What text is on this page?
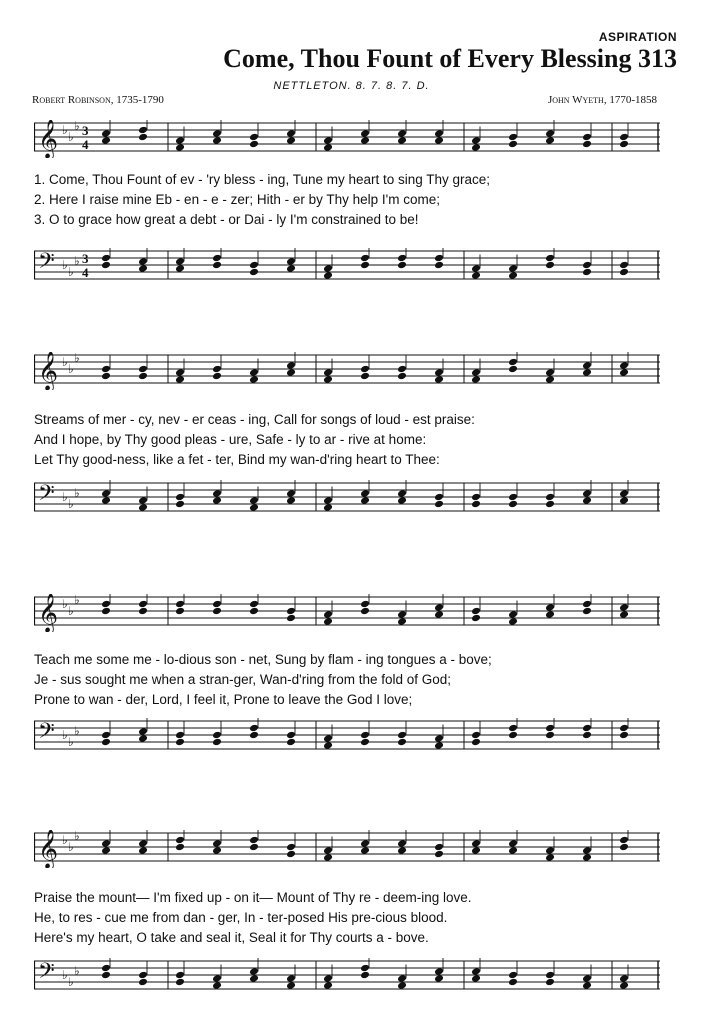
ASPIRATION
Come, Thou Fount of Every Blessing 313
NETTLETON. 8. 7. 8. 7. D.
Robert Robinson, 1735-1790	John Wyeth, 1770-1858
𝄞 ♭ ♭
♭ 3
4
1. Come, Thou Fount of ev - 'ry bless - ing, Tune my heart to sing Thy grace;
2. Here I raise mine Eb - en - e - zer; Hith - er by Thy help I'm come;
3. O to grace how great a debt - or Dai - ly I'm constrained to be!
𝄢 ♭ ♭
♭ 3
4
𝄞 ♭ ♭
♭
Streams of mer - cy, nev - er ceas - ing, Call for songs of loud - est praise:
And I hope, by Thy good pleas - ure, Safe - ly to ar - rive at home:
Let Thy good-ness, like a fet - ter, Bind my wan-d'ring heart to Thee:
𝄢 ♭ ♭
♭
𝄞 ♭ ♭
♭
Teach me some me - lo-dious son - net, Sung by flam - ing tongues a - bove;
Je - sus sought me when a stran-ger, Wan-d'ring from the fold of God;
Prone to wan - der, Lord, I feel it, Prone to leave the God I love;
𝄢 ♭ ♭
♭
𝄞 ♭ ♭
♭
Praise the mount— I'm fixed up - on it— Mount of Thy re - deem-ing love.
He, to res - cue me from dan - ger, In - ter-posed His pre-cious blood.
Here's my heart, O take and seal it, Seal it for Thy courts a - bove.
𝄢 ♭ ♭
♭
